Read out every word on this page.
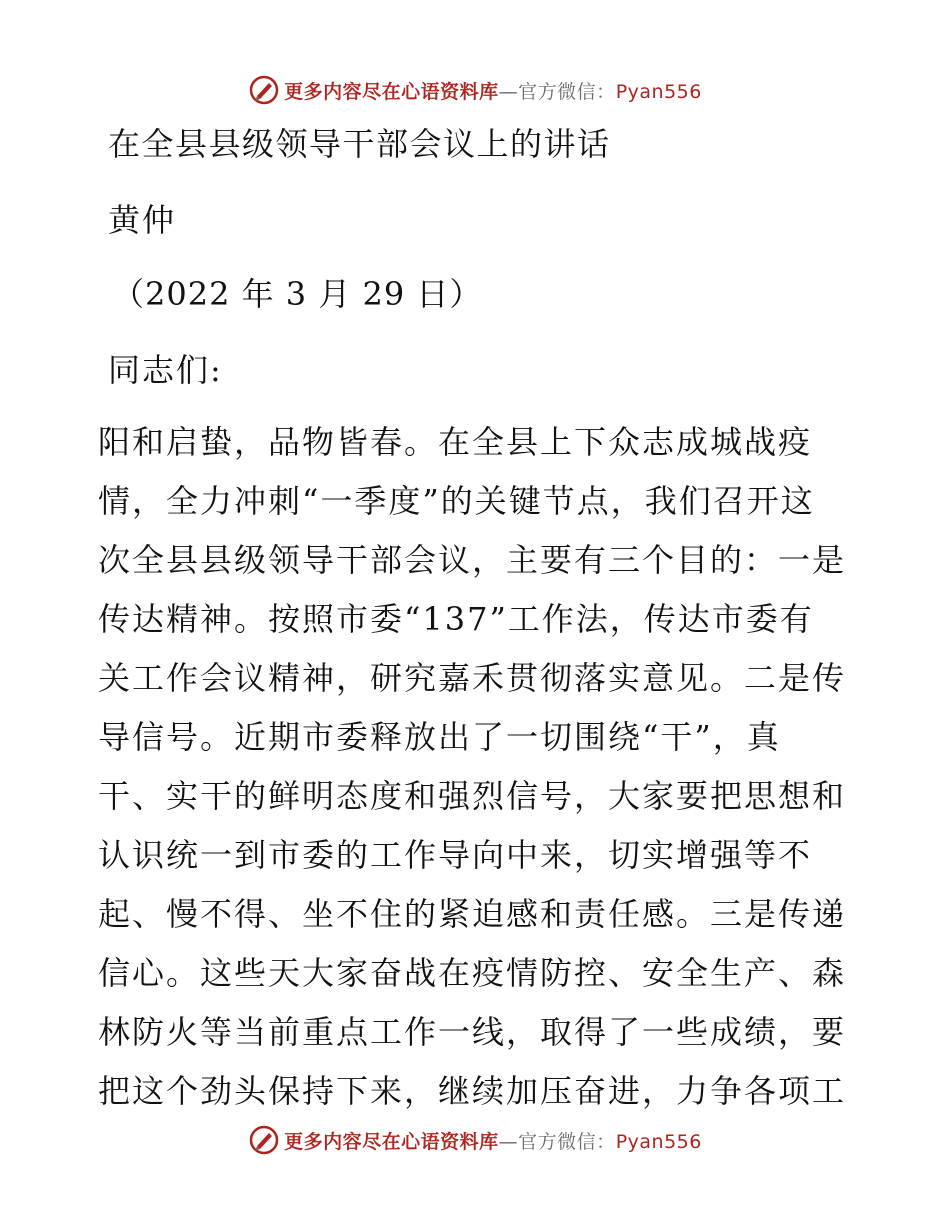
更多内容尽在心语资料库—官方微信：Pyan556
在全县县级领导干部会议上的讲话
黄仲
（2022 年 3 月 29 日）
同志们:
阳和启蛰，品物皆春。在全县上下众志成城战疫
情，全力冲刺“一季度”的关键节点，我们召开这
次全县县级领导干部会议，主要有三个目的：一是
传达精神。按照市委“137”工作法，传达市委有
关工作会议精神，研究嘉禾贯彻落实意见。二是传
导信号。近期市委释放出了一切围绕“干”，真
干、实干的鲜明态度和强烈信号，大家要把思想和
认识统一到市委的工作导向中来，切实增强等不
起、慢不得、坐不住的紧迫感和责任感。三是传递
信心。这些天大家奋战在疫情防控、安全生产、森
林防火等当前重点工作一线，取得了一些成绩，要
把这个劲头保持下来，继续加压奋进，力争各项工
更多内容尽在心语资料库—官方微信：Pyan556
